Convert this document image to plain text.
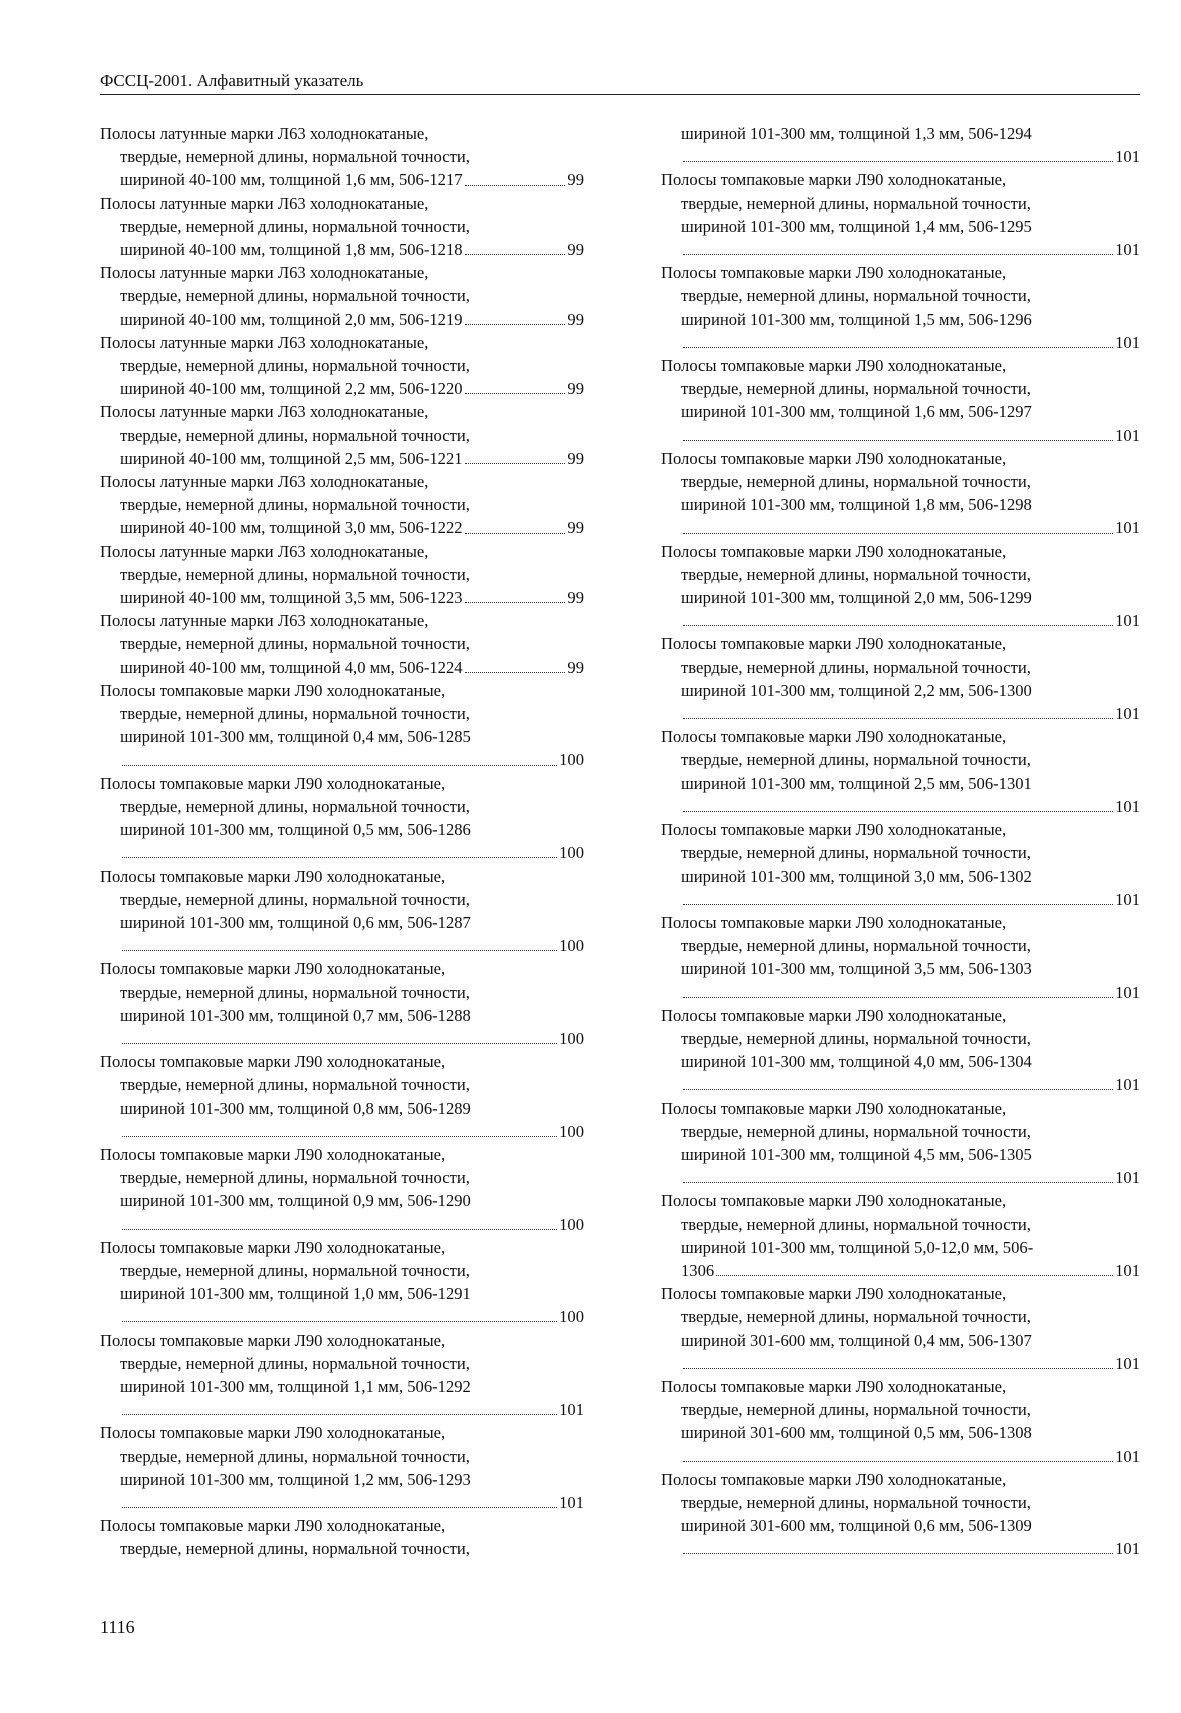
ФССЦ-2001. Алфавитный указатель
Полосы латунные марки Л63 холоднокатаные,
твердые, немерной длины, нормальной точности,
шириной 40-100 мм, толщиной 1,6 мм, 506-1217	99
Полосы латунные марки Л63 холоднокатаные,
твердые, немерной длины, нормальной точности,
шириной 40-100 мм, толщиной 1,8 мм, 506-1218	99
Полосы латунные марки Л63 холоднокатаные,
твердые, немерной длины, нормальной точности,
шириной 40-100 мм, толщиной 2,0 мм, 506-1219	99
Полосы латунные марки Л63 холоднокатаные,
твердые, немерной длины, нормальной точности,
шириной 40-100 мм, толщиной 2,2 мм, 506-1220	99
Полосы латунные марки Л63 холоднокатаные,
твердые, немерной длины, нормальной точности,
шириной 40-100 мм, толщиной 2,5 мм, 506-1221	99
Полосы латунные марки Л63 холоднокатаные,
твердые, немерной длины, нормальной точности,
шириной 40-100 мм, толщиной 3,0 мм, 506-1222	99
Полосы латунные марки Л63 холоднокатаные,
твердые, немерной длины, нормальной точности,
шириной 40-100 мм, толщиной 3,5 мм, 506-1223	99
Полосы латунные марки Л63 холоднокатаные,
твердые, немерной длины, нормальной точности,
шириной 40-100 мм, толщиной 4,0 мм, 506-1224	99
Полосы томпаковые марки Л90 холоднокатаные,
твердые, немерной длины, нормальной точности,
шириной 101-300 мм, толщиной 0,4 мм, 506-1285
100
Полосы томпаковые марки Л90 холоднокатаные,
твердые, немерной длины, нормальной точности,
шириной 101-300 мм, толщиной 0,5 мм, 506-1286
100
Полосы томпаковые марки Л90 холоднокатаные,
твердые, немерной длины, нормальной точности,
шириной 101-300 мм, толщиной 0,6 мм, 506-1287
100
Полосы томпаковые марки Л90 холоднокатаные,
твердые, немерной длины, нормальной точности,
шириной 101-300 мм, толщиной 0,7 мм, 506-1288
100
Полосы томпаковые марки Л90 холоднокатаные,
твердые, немерной длины, нормальной точности,
шириной 101-300 мм, толщиной 0,8 мм, 506-1289
100
Полосы томпаковые марки Л90 холоднокатаные,
твердые, немерной длины, нормальной точности,
шириной 101-300 мм, толщиной 0,9 мм, 506-1290
100
Полосы томпаковые марки Л90 холоднокатаные,
твердые, немерной длины, нормальной точности,
шириной 101-300 мм, толщиной 1,0 мм, 506-1291
100
Полосы томпаковые марки Л90 холоднокатаные,
твердые, немерной длины, нормальной точности,
шириной 101-300 мм, толщиной 1,1 мм, 506-1292
101
Полосы томпаковые марки Л90 холоднокатаные,
твердые, немерной длины, нормальной точности,
шириной 101-300 мм, толщиной 1,2 мм, 506-1293
101
Полосы томпаковые марки Л90 холоднокатаные,
твердые, немерной длины, нормальной точности,
шириной 101-300 мм, толщиной 1,3 мм, 506-1294
101
Полосы томпаковые марки Л90 холоднокатаные,
твердые, немерной длины, нормальной точности,
шириной 101-300 мм, толщиной 1,4 мм, 506-1295
101
Полосы томпаковые марки Л90 холоднокатаные,
твердые, немерной длины, нормальной точности,
шириной 101-300 мм, толщиной 1,5 мм, 506-1296
101
Полосы томпаковые марки Л90 холоднокатаные,
твердые, немерной длины, нормальной точности,
шириной 101-300 мм, толщиной 1,6 мм, 506-1297
101
Полосы томпаковые марки Л90 холоднокатаные,
твердые, немерной длины, нормальной точности,
шириной 101-300 мм, толщиной 1,8 мм, 506-1298
101
Полосы томпаковые марки Л90 холоднокатаные,
твердые, немерной длины, нормальной точности,
шириной 101-300 мм, толщиной 2,0 мм, 506-1299
101
Полосы томпаковые марки Л90 холоднокатаные,
твердые, немерной длины, нормальной точности,
шириной 101-300 мм, толщиной 2,2 мм, 506-1300
101
Полосы томпаковые марки Л90 холоднокатаные,
твердые, немерной длины, нормальной точности,
шириной 101-300 мм, толщиной 2,5 мм, 506-1301
101
Полосы томпаковые марки Л90 холоднокатаные,
твердые, немерной длины, нормальной точности,
шириной 101-300 мм, толщиной 3,0 мм, 506-1302
101
Полосы томпаковые марки Л90 холоднокатаные,
твердые, немерной длины, нормальной точности,
шириной 101-300 мм, толщиной 3,5 мм, 506-1303
101
Полосы томпаковые марки Л90 холоднокатаные,
твердые, немерной длины, нормальной точности,
шириной 101-300 мм, толщиной 4,0 мм, 506-1304
101
Полосы томпаковые марки Л90 холоднокатаные,
твердые, немерной длины, нормальной точности,
шириной 101-300 мм, толщиной 4,5 мм, 506-1305
101
Полосы томпаковые марки Л90 холоднокатаные,
твердые, немерной длины, нормальной точности,
шириной 101-300 мм, толщиной 5,0-12,0 мм, 506-
1306	101
Полосы томпаковые марки Л90 холоднокатаные,
твердые, немерной длины, нормальной точности,
шириной 301-600 мм, толщиной 0,4 мм, 506-1307
101
Полосы томпаковые марки Л90 холоднокатаные,
твердые, немерной длины, нормальной точности,
шириной 301-600 мм, толщиной 0,5 мм, 506-1308
101
Полосы томпаковые марки Л90 холоднокатаные,
твердые, немерной длины, нормальной точности,
шириной 301-600 мм, толщиной 0,6 мм, 506-1309
101
1116
